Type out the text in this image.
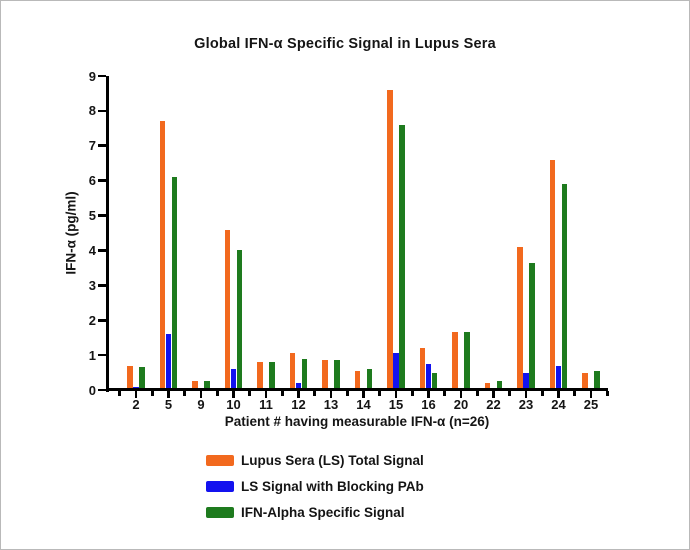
Global IFN-α Specific Signal in Lupus Sera
0
1
2
3
4
5
6
7
8
9
2	5	9	10	11	12	13	14	15	16	20	22	23	24	25
IFN-α (pg/ml)
Patient # having measurable IFN-α (n=26)
Lupus Sera (LS) Total Signal
LS Signal with Blocking PAb
IFN-Alpha Specific Signal
